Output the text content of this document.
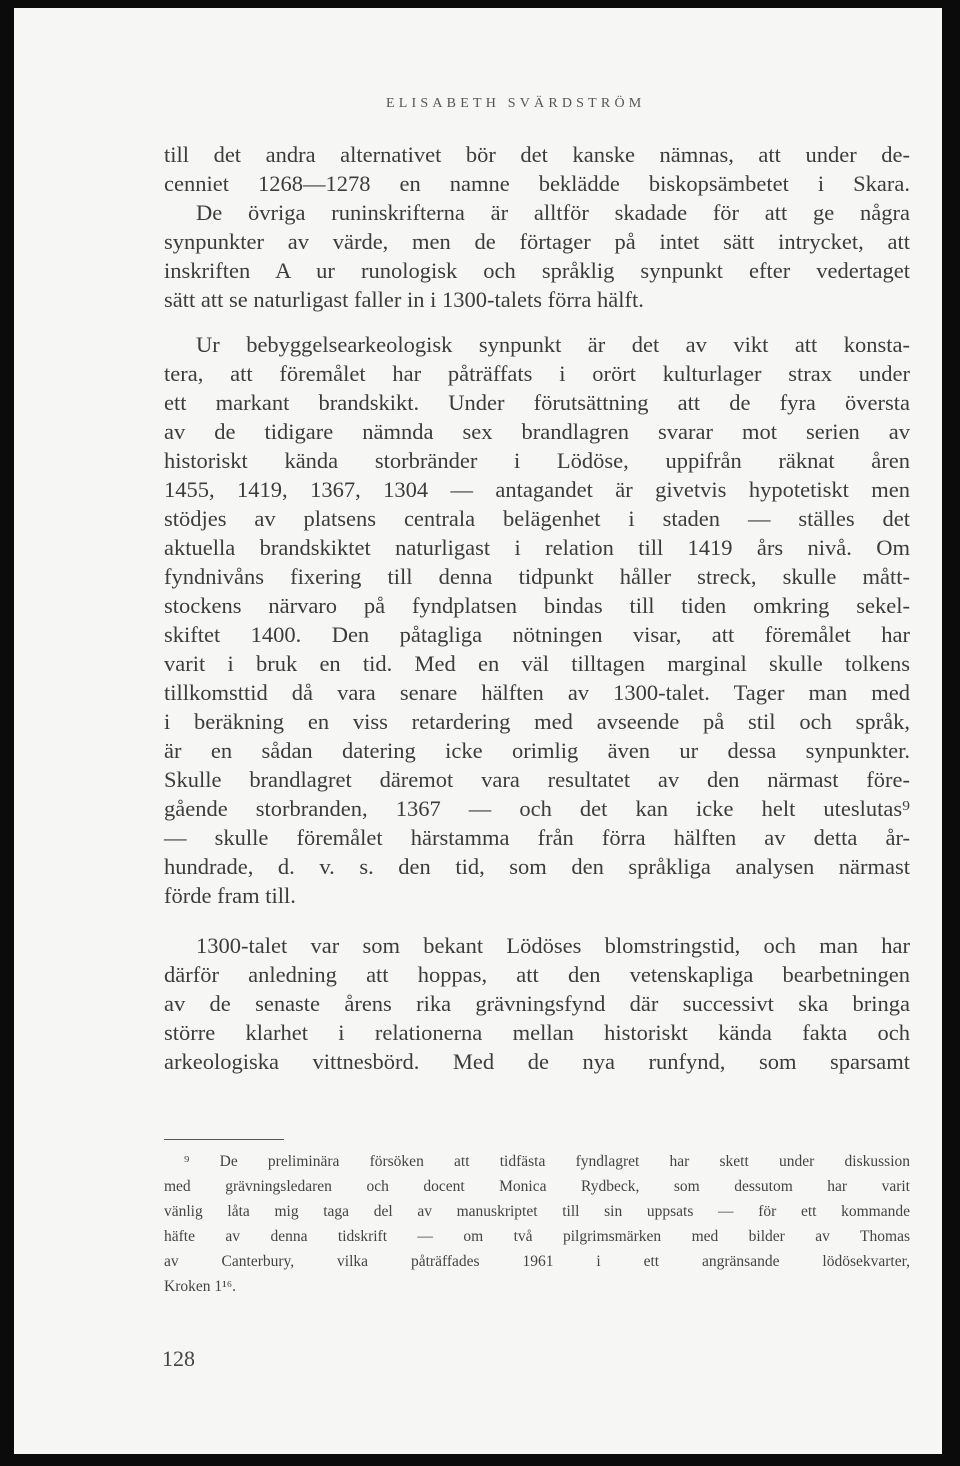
ELISABETH SVÄRDSTRÖM
till det andra alternativet bör det kanske nämnas, att under de-
cenniet 1268—1278 en namne beklädde biskopsämbetet i Skara.
De övriga runinskrifterna är alltför skadade för att ge några
synpunkter av värde, men de förtager på intet sätt intrycket, att
inskriften A ur runologisk och språklig synpunkt efter vedertaget
sätt att se naturligast faller in i 1300-talets förra hälft.
Ur bebyggelsearkeologisk synpunkt är det av vikt att konsta-
tera, att föremålet har påträffats i orört kulturlager strax under
ett markant brandskikt. Under förutsättning att de fyra översta
av de tidigare nämnda sex brandlagren svarar mot serien av
historiskt kända storbränder i Lödöse, uppifrån räknat åren
1455, 1419, 1367, 1304 — antagandet är givetvis hypotetiskt men
stödjes av platsens centrala belägenhet i staden — ställes det
aktuella brandskiktet naturligast i relation till 1419 års nivå. Om
fyndnivåns fixering till denna tidpunkt håller streck, skulle mått-
stockens närvaro på fyndplatsen bindas till tiden omkring sekel-
skiftet 1400. Den påtagliga nötningen visar, att föremålet har
varit i bruk en tid. Med en väl tilltagen marginal skulle tolkens
tillkomsttid då vara senare hälften av 1300-talet. Tager man med
i beräkning en viss retardering med avseende på stil och språk,
är en sådan datering icke orimlig även ur dessa synpunkter.
Skulle brandlagret däremot vara resultatet av den närmast före-
gående storbranden, 1367 — och det kan icke helt uteslutas⁹
— skulle föremålet härstamma från förra hälften av detta år-
hundrade, d. v. s. den tid, som den språkliga analysen närmast
förde fram till.
1300-talet var som bekant Lödöses blomstringstid, och man har
därför anledning att hoppas, att den vetenskapliga bearbetningen
av de senaste årens rika grävningsfynd där successivt ska bringa
större klarhet i relationerna mellan historiskt kända fakta och
arkeologiska vittnesbörd. Med de nya runfynd, som sparsamt
⁹ De preliminära försöken att tidfästa fyndlagret har skett under diskussion
med grävningsledaren och docent Monica Rydbeck, som dessutom har varit
vänlig låta mig taga del av manuskriptet till sin uppsats — för ett kommande
häfte av denna tidskrift — om två pilgrimsmärken med bilder av Thomas
av Canterbury, vilka påträffades 1961 i ett angränsande lödösekvarter,
Kroken 1¹⁶.
128
